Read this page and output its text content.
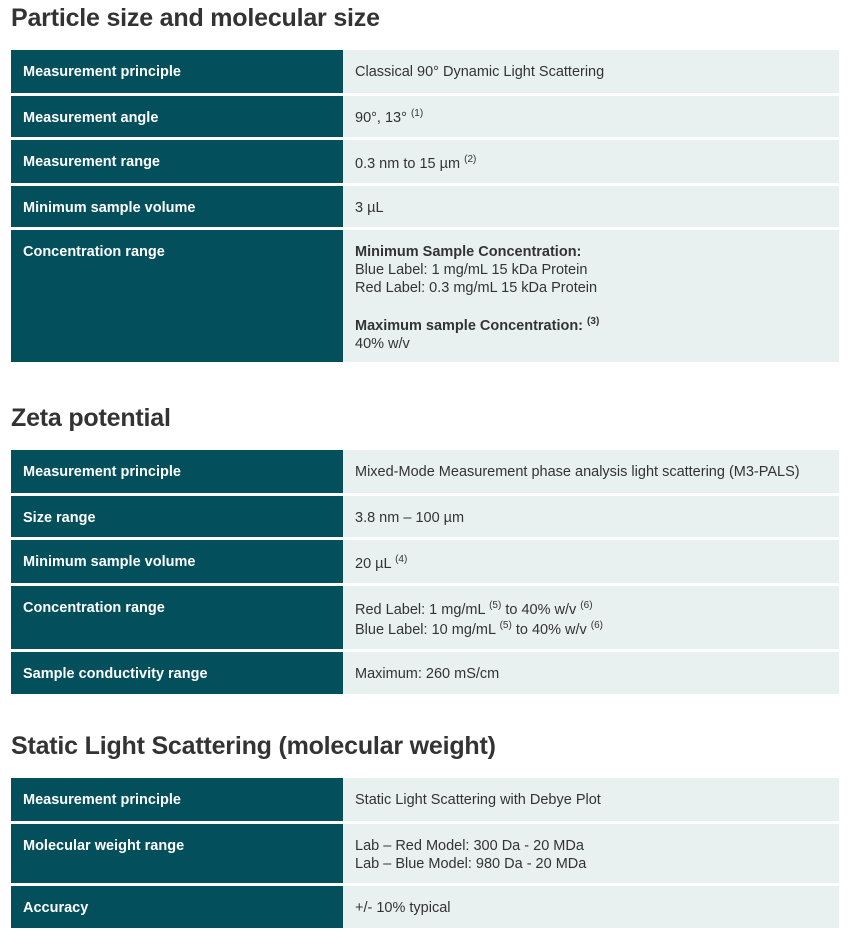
Particle size and molecular size
Measurement principle	Classical 90° Dynamic Light Scattering

Measurement angle	90°, 13° $^{(1)}$

Measurement range	0.3 nm to 15 µm $^{(2)}$

Minimum sample volume	3 µL

Concentration range	Minimum Sample Concentration:
Blue Label: 1 mg/mL 15 kDa Protein
Red Label: 0.3 mg/mL 15 kDa Protein
Maximum sample Concentration: $^{(3)}$
40% w/v
Zeta potential
Measurement principle	Mixed-Mode Measurement phase analysis light scattering (M3-PALS)

Size range	3.8 nm – 100 µm

Minimum sample volume	20 µL $^{(4)}$

Concentration range	Red Label: 1 mg/mL $^{(5)}$ to 40% w/v $^{(6)}$
Blue Label: 10 mg/mL $^{(5)}$ to 40% w/v $^{(6)}$

Sample conductivity range	Maximum: 260 mS/cm
Static Light Scattering (molecular weight)
Measurement principle	Static Light Scattering with Debye Plot

Molecular weight range	Lab – Red Model: 300 Da - 20 MDa
Lab – Blue Model: 980 Da - 20 MDa

Accuracy	+/- 10% typical
